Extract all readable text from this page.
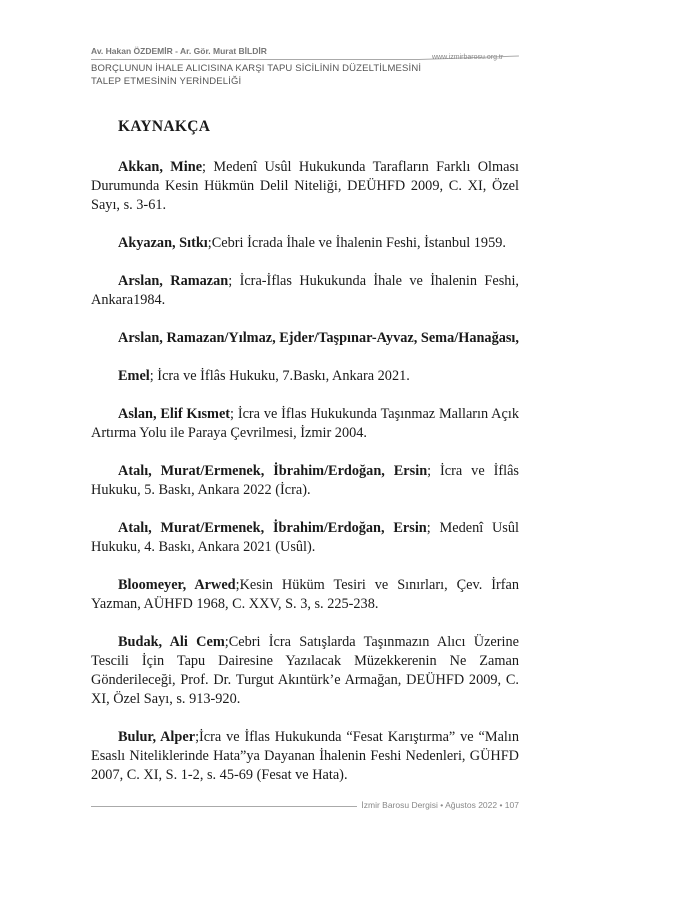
Av. Hakan ÖZDEMİR - Ar. Gör. Murat BİLDİR
www.izmirbarosu.org.tr
BORÇLUNUN İHALE ALICISINA KARŞI TAPU SİCİLİNİN DÜZELTİLMESİNİ TALEP ETMESİNİN YERİNDELİĞİ
KAYNAKÇA

Akkan, Mine; Medenî Usûl Hukukunda Tarafların Farklı Olması Durumunda Kesin Hükmün Delil Niteliği, DEÜHFD 2009, C. XI, Özel Sayı, s. 3-61.

Akyazan, Sıtkı;Cebri İcrada İhale ve İhalenin Feshi, İstanbul 1959.

Arslan, Ramazan; İcra-İflas Hukukunda İhale ve İhalenin Feshi, Ankara1984.

Arslan, Ramazan/Yılmaz, Ejder/Taşpınar-Ayvaz, Sema/Hanağası,

Emel; İcra ve İflâs Hukuku, 7.Baskı, Ankara 2021.

Aslan, Elif Kısmet; İcra ve İflas Hukukunda Taşınmaz Malların Açık Artırma Yolu ile Paraya Çevrilmesi, İzmir 2004.

Atalı, Murat/Ermenek, İbrahim/Erdoğan, Ersin; İcra ve İflâs Hukuku, 5. Baskı, Ankara 2022 (İcra).

Atalı, Murat/Ermenek, İbrahim/Erdoğan, Ersin; Medenî Usûl Hukuku, 4. Baskı, Ankara 2021 (Usûl).

Bloomeyer, Arwed;Kesin Hüküm Tesiri ve Sınırları, Çev. İrfan Yazman, AÜHFD 1968, C. XXV, S. 3, s. 225-238.

Budak, Ali Cem;Cebri İcra Satışlarda Taşınmazın Alıcı Üzerine Tescili İçin Tapu Dairesine Yazılacak Müzekkerenin Ne Zaman Gönderileceği, Prof. Dr. Turgut Akıntürk’e Armağan, DEÜHFD 2009, C. XI, Özel Sayı, s. 913-920.

Bulur, Alper;İcra ve İflas Hukukunda “Fesat Karıştırma” ve “Malın Esaslı Niteliklerinde Hata”ya Dayanan İhalenin Feshi Nedenleri, GÜHFD 2007, C. XI, S. 1-2, s. 45-69 (Fesat ve Hata).

İzmir Barosu Dergisi • Ağustos 2022 • 107
